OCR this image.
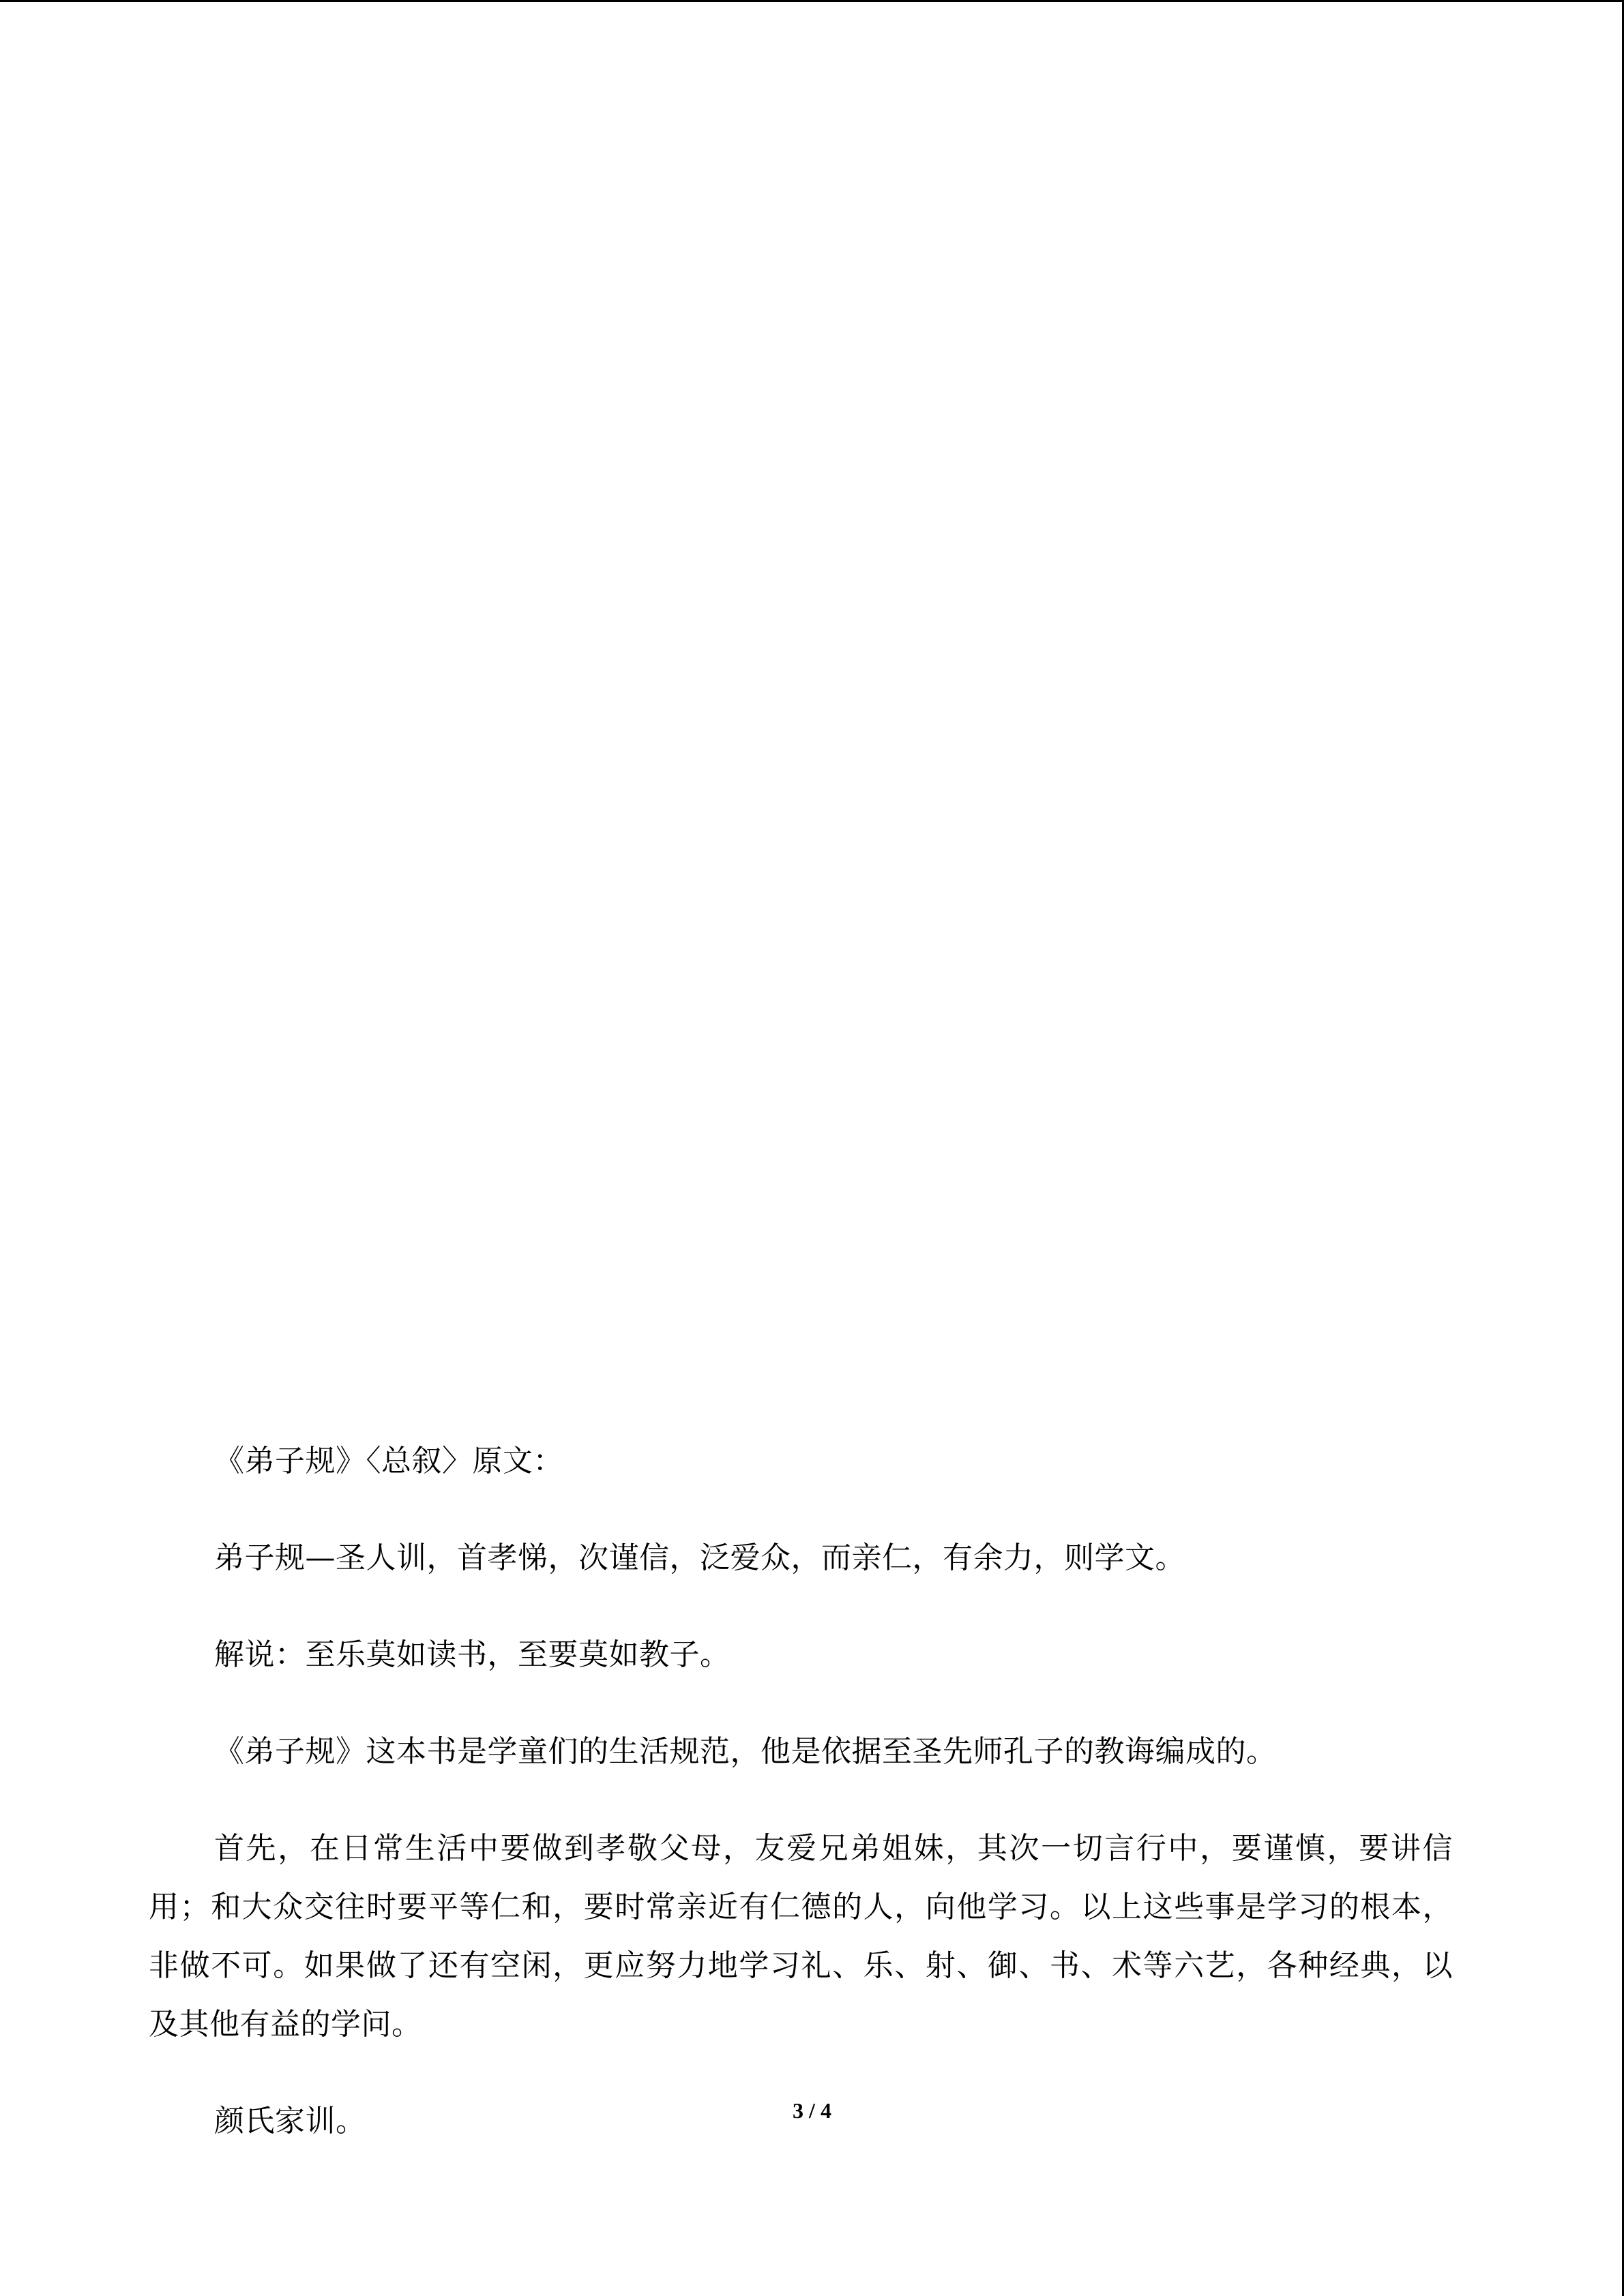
《弟子规》〈总叙〉原文：

弟子规—圣人训，首孝悌，次谨信，泛爱众，而亲仁，有余力，则学文。

解说：至乐莫如读书，至要莫如教子。

《弟子规》这本书是学童们的生活规范，他是依据至圣先师孔子的教诲编成的。

首先，在日常生活中要做到孝敬父母，友爱兄弟姐妹，其次一切言行中，要谨慎，要讲信用；和大众交往时要平等仁和，要时常亲近有仁德的人，向他学习。以上这些事是学习的根本，非做不可。如果做了还有空闲，更应努力地学习礼、乐、射、御、书、术等六艺，各种经典，以及其他有益的学问。

颜氏家训。	3 / 4
